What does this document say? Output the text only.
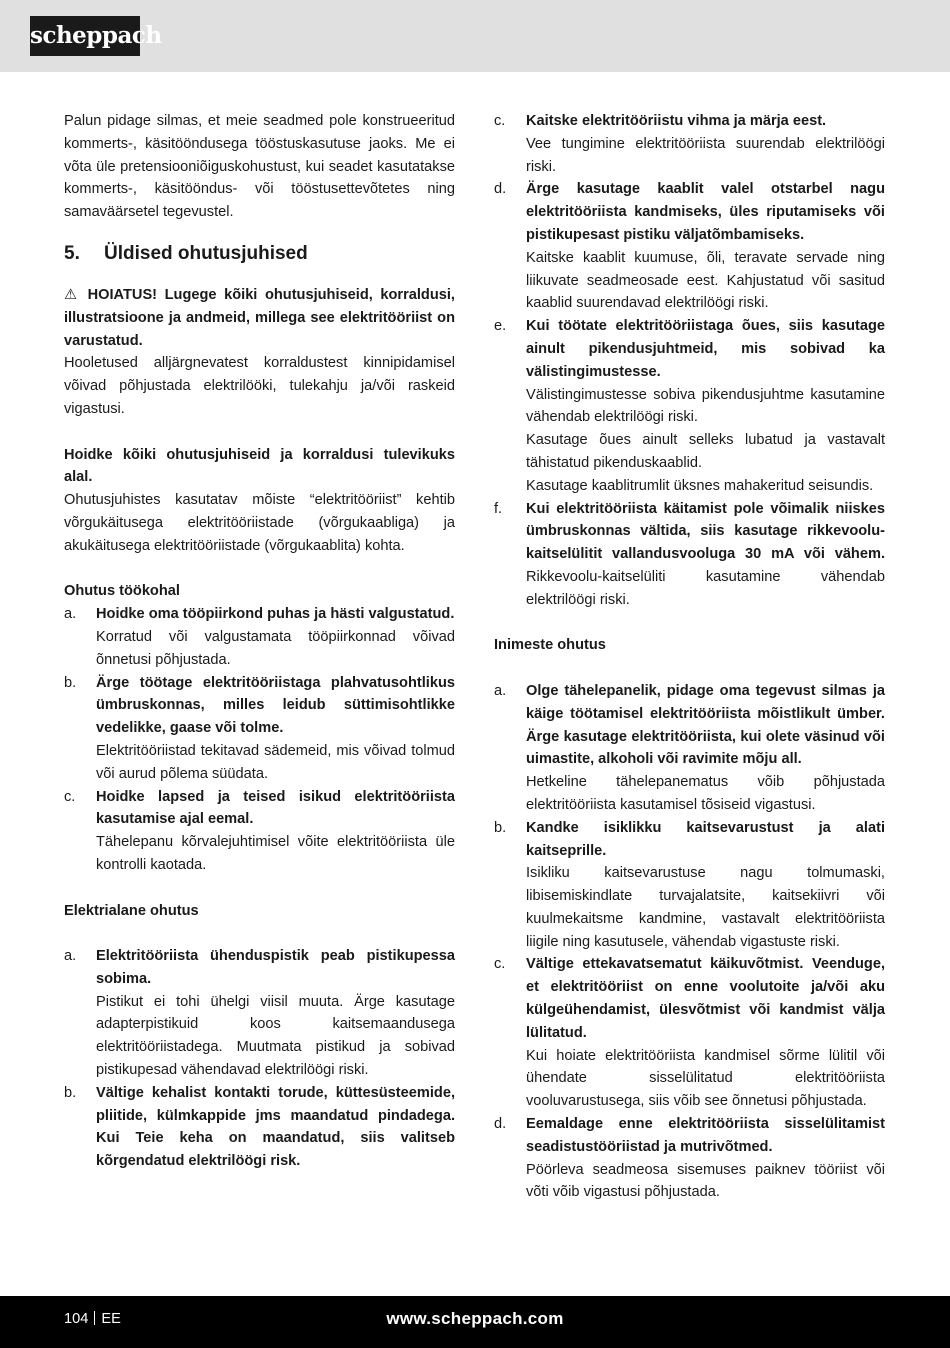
scheppach
Palun pidage silmas, et meie seadmed pole konstrueeritud kommerts-, käsitööndusega tööstuskasutuse jaoks. Me ei võta üle pretensiooniõiguskohustust, kui seadet kasutatakse kommerts-, käsitööndus- või tööstusettevõtetes ning samaväärsetel tegevustel.
5.	Üldised ohutusjuhised
⚠ HOIATUS! Lugege kõiki ohutusjuhiseid, korraldusi, illustratsioone ja andmeid, millega see elektritööriist on varustatud.
Hooletused alljärgnevatest korraldustest kinnipidamisel võivad põhjustada elektrilööki, tulekahju ja/või raskeid vigastusi.
Hoidke kõiki ohutusjuhiseid ja korraldusi tulevikuks alal.
Ohutusjuhistes kasutatav mõiste “elektritööriist” kehtib võrgukäitusega elektritööriistade (võrgukaabliga) ja akukäitusega elektritööriistade (võrgukaablita) kohta.
Ohutus töökohal
a.	Hoidke oma tööpiirkond puhas ja hästi valgustatud.
Korratud või valgustamata tööpiirkonnad võivad õnnetusi põhjustada.
b.	Ärge töötage elektritööriistaga plahvatusohtlikus ümbruskonnas, milles leidub süttimisohtlikke vedelikke, gaase või tolme.
Elektritööriistad tekitavad sädemeid, mis võivad tolmud või aurud põlema süüdata.
c.	Hoidke lapsed ja teised isikud elektritööriista kasutamise ajal eemal.
Tähelepanu kõrvalejuhtimisel võite elektritööriista üle kontrolli kaotada.
Elektrialane ohutus
a.	Elektritööriista ühenduspistik peab pistikupessa sobima.
Pistikut ei tohi ühelgi viisil muuta. Ärge kasutage adapterpistikuid koos kaitsemaandusega elektritööriistadega. Muutmata pistikud ja sobivad pistikupesad vähendavad elektrilöögi riski.
b.	Vältige kehalist kontakti torude, küttesüsteemide, pliitide, külmkappide jms maandatud pindadega. Kui Teie keha on maandatud, siis valitseb kõrgendatud elektrilöögi risk.
c.	Kaitske elektritööriistu vihma ja märja eest.
Vee tungimine elektritööriista suurendab elektrilöögi riski.
d.	Ärge kasutage kaablit valel otstarbel nagu elektritööriista kandmiseks, üles riputamiseks või pistikupesast pistiku väljatõmbamiseks.
Kaitske kaablit kuumuse, õli, teravate servade ning liikuvate seadmeosade eest. Kahjustatud või sasitud kaablid suurendavad elektrilöögi riski.
e.	Kui töötate elektritööriistaga õues, siis kasutage ainult pikendusjuhtmeid, mis sobivad ka välistingimustesse.
Välistingimustesse sobiva pikendusjuhtme kasutamine vähendab elektrilöögi riski.
Kasutage õues ainult selleks lubatud ja vastavalt tähistatud pikenduskaablid.
Kasutage kaablitrumlit üksnes mahakeritud seisundis.
f.	Kui elektritööriista käitamist pole võimalik niiskes ümbruskonnas vältida, siis kasutage rikkevoolu-kaitselülitit vallandusvooluga 30 mA või vähem. Rikkevoolu-kaitselüliti kasutamine vähendab elektrilöögi riski.
Inimeste ohutus
a.	Olge tähelepanelik, pidage oma tegevust silmas ja käige töötamisel elektritööriista mõistlikult ümber. Ärge kasutage elektritööriista, kui olete väsinud või uimastite, alkoholi või ravimite mõju all.
Hetkeline tähelepanematus võib põhjustada elektritööriista kasutamisel tõsiseid vigastusi.
b.	Kandke isiklikku kaitsevarustust ja alati kaitseprille.
Isikliku kaitsevarustuse nagu tolmumaski, libisemiskindlate turvajalatsite, kaitsekiivri või kuulmekaitsme kandmine, vastavalt elektritööriista liigile ning kasutusele, vähendab vigastuste riski.
c.	Vältige ettekavatsematut käikuvõtmist. Veenduge, et elektritööriist on enne voolutoite ja/või aku külgeühendamist, ülesvõtmist või kandmist välja lülitatud.
Kui hoiate elektritööriista kandmisel sõrme lülitil või ühendate sisselülitatud elektritööriista vooluvarustusega, siis võib see õnnetusi põhjustada.
d.	Eemaldage enne elektritööriista sisselülitamist seadistustööriistad ja mutrivõtmed.
Pöörleva seadmeosa sisemuses paiknev tööriist või võti võib vigastusi põhjustada.
104 EE	www.scheppach.com
